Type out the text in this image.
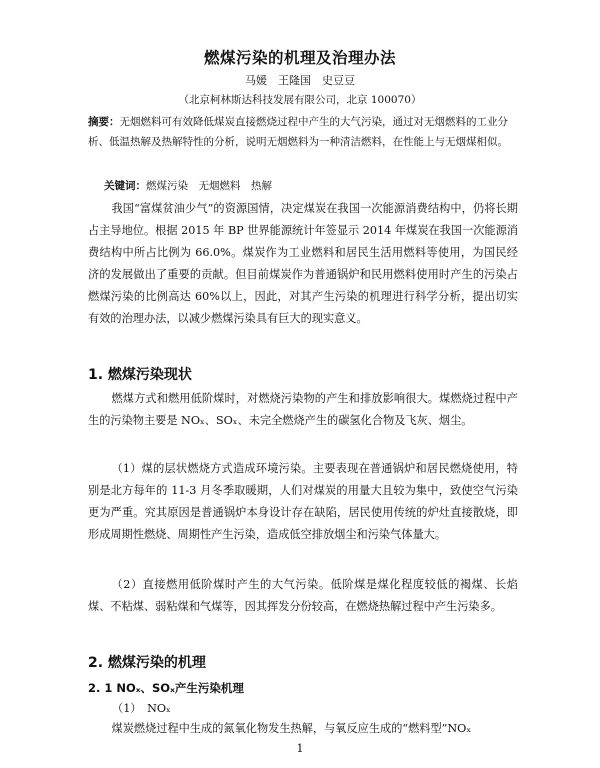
燃煤污染的机理及治理办法
马媛　王隆国　史豆豆
（北京柯林斯达科技发展有限公司，北京 100070）
摘要：无烟燃料可有效降低煤炭直接燃烧过程中产生的大气污染，通过对无烟燃料的工业分析、低温热解及热解特性的分析，说明无烟燃料为一种清洁燃料，在性能上与无烟煤相似。
关键词：燃煤污染　无烟燃料　热解

我国“富煤贫油少气”的资源国情，决定煤炭在我国一次能源消费结构中，仍将长期占主导地位。根据 2015 年 BP 世界能源统计年签显示 2014 年煤炭在我国一次能源消费结构中所占比例为 66.0%。煤炭作为工业燃料和居民生活用燃料等使用，为国民经济的发展做出了重要的贡献。但目前煤炭作为普通锅炉和民用燃料使用时产生的污染占燃煤污染的比例高达 60%以上，因此，对其产生污染的机理进行科学分析，提出切实有效的治理办法，以减少燃煤污染具有巨大的现实意义。

1. 燃煤污染现状

燃煤方式和燃用低阶煤时，对燃烧污染物的产生和排放影响很大。煤燃烧过程中产生的污染物主要是 NOₓ、SOₓ、未完全燃烧产生的碳氢化合物及飞灰、烟尘。

（1）煤的层状燃烧方式造成环境污染。主要表现在普通锅炉和居民燃烧使用，特别是北方每年的 11-3 月冬季取暖期，人们对煤炭的用量大且较为集中，致使空气污染更为严重。究其原因是普通锅炉本身设计存在缺陷，居民使用传统的炉灶直接散烧，即形成周期性燃烧、周期性产生污染，造成低空排放烟尘和污染气体量大。

（2）直接燃用低阶煤时产生的大气污染。低阶煤是煤化程度较低的褐煤、长焰煤、不粘煤、弱粘煤和气煤等，因其挥发分份较高，在燃烧热解过程中产生污染多。

2. 燃煤污染的机理
2. 1 NOₓ、SOₓ产生污染机理
（1）　NOₓ

煤炭燃烧过程中生成的氮氧化物发生热解，与氧反应生成的“燃料型”NOₓ

1
